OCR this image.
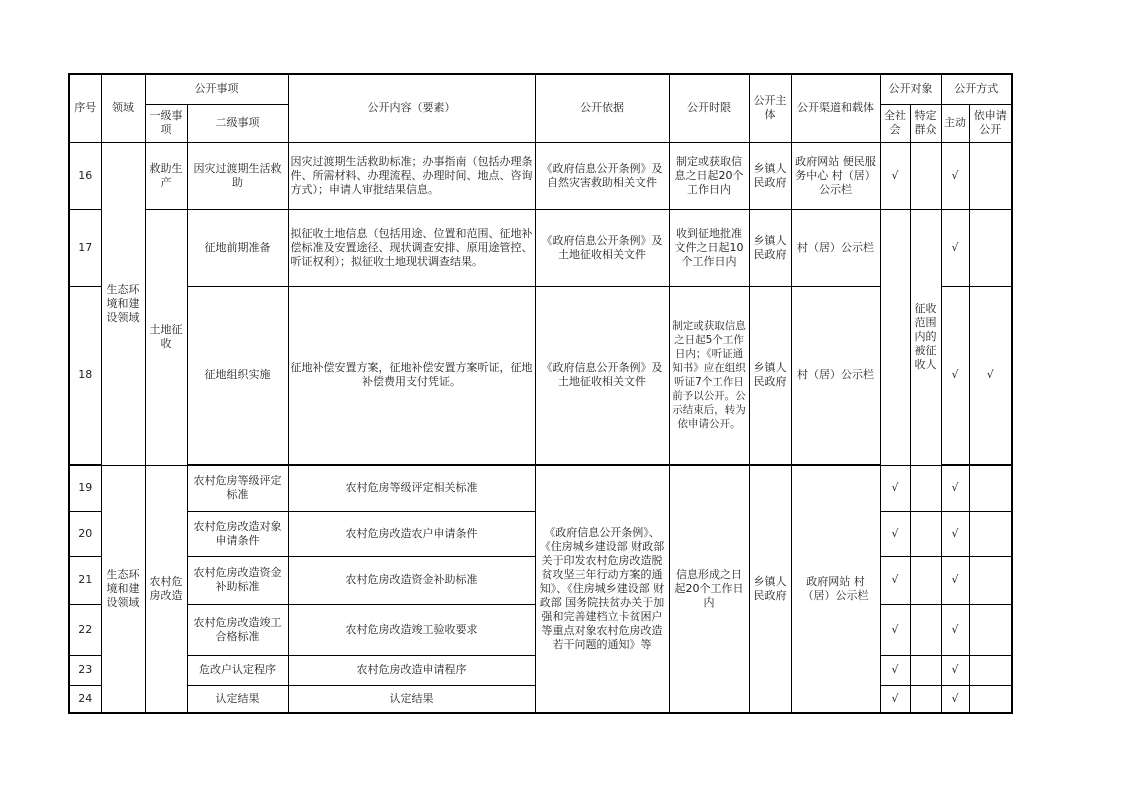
序号	领域	公开事项		公开内容（要素）	公开依据	公开时限	公开主体	公开渠道和载体	公开对象		公开方式	
		一级事项	二级事项						全社会	特定群众	主动	依申请公开
16	生态环境和建设领域	救助生产	因灾过渡期生活救助	因灾过渡期生活救助标准；办事指南（包括办理条件、所需材料、办理流程、办理时间、地点、咨询方式）；申请人审批结果信息。	《政府信息公开条例》及自然灾害救助相关文件	制定或获取信息之日起20个工作日内	乡镇人民政府	政府网站 便民服务中心 村（居）公示栏	√		√	
17		土地征收	征地前期准备	拟征收土地信息（包括用途、位置和范围、征地补偿标准及安置途径、现状调查安排、原用途管控、听证权利）；拟征收土地现状调查结果。	《政府信息公开条例》及土地征收相关文件	收到征地批准文件之日起10个工作日内	乡镇人民政府	村（居）公示栏		征收范围内的被征收人	√	
18			征地组织实施	征地补偿安置方案，征地补偿安置方案听证，征地补偿费用支付凭证。	《政府信息公开条例》及土地征收相关文件	制定或获取信息之日起5个工作日内；《听证通知书》应在组织听证7个工作日前予以公开。公示结束后，转为依申请公开。	乡镇人民政府	村（居）公示栏			√	√
19	生态环境和建设领域	农村危房改造	农村危房等级评定标准	农村危房等级评定相关标准	《政府信息公开条例》、《住房城乡建设部 财政部关于印发农村危房改造脱贫攻坚三年行动方案的通知》、《住房城乡建设部 财政部 国务院扶贫办关于加强和完善建档立卡贫困户等重点对象农村危房改造若干问题的通知》等	信息形成之日起20个工作日内	乡镇人民政府	政府网站 村（居）公示栏	√		√	
20			农村危房改造对象申请条件	农村危房改造农户申请条件					√		√	
21			农村危房改造资金补助标准	农村危房改造资金补助标准					√		√	
22			农村危房改造竣工合格标准	农村危房改造竣工验收要求					√		√	
23			危改户认定程序	农村危房改造申请程序					√		√	
24			认定结果	认定结果					√		√	
